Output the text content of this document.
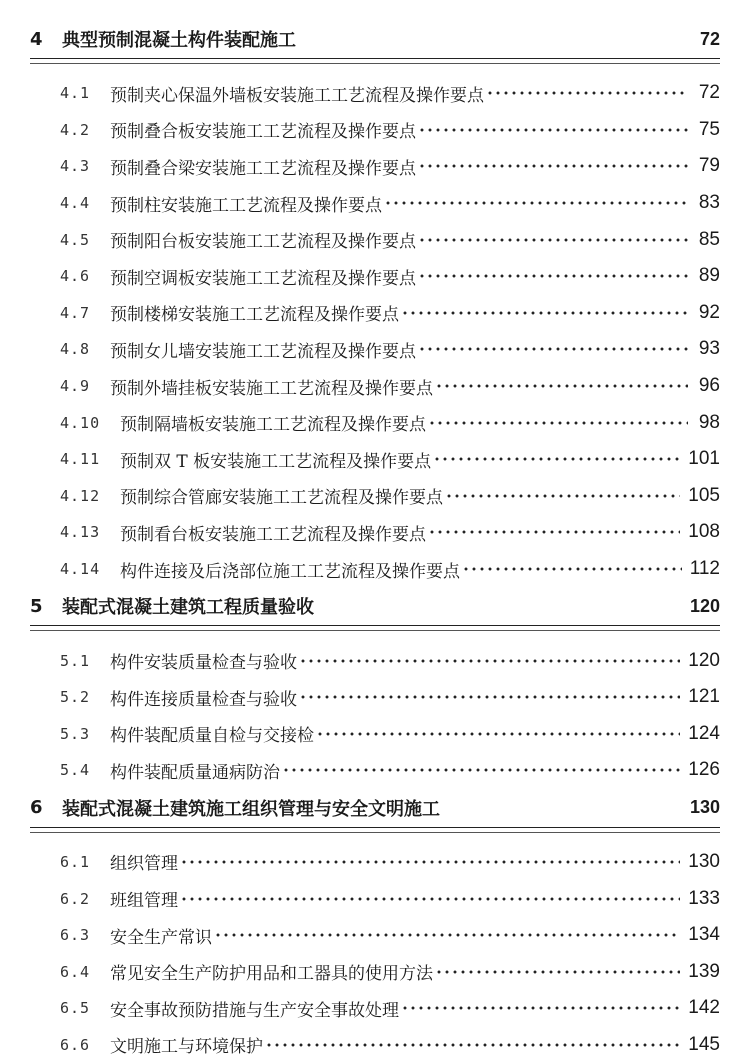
4	典型预制混凝土构件装配施工	72
4.1	预制夹心保温外墙板安装施工工艺流程及操作要点	72
4.2	预制叠合板安装施工工艺流程及操作要点	75
4.3	预制叠合梁安装施工工艺流程及操作要点	79
4.4	预制柱安装施工工艺流程及操作要点	83
4.5	预制阳台板安装施工工艺流程及操作要点	85
4.6	预制空调板安装施工工艺流程及操作要点	89
4.7	预制楼梯安装施工工艺流程及操作要点	92
4.8	预制女儿墙安装施工工艺流程及操作要点	93
4.9	预制外墙挂板安装施工工艺流程及操作要点	96
4.10	预制隔墙板安装施工工艺流程及操作要点	98
4.11	预制双 T 板安装施工工艺流程及操作要点	101
4.12	预制综合管廊安装施工工艺流程及操作要点	105
4.13	预制看台板安装施工工艺流程及操作要点	108
4.14	构件连接及后浇部位施工工艺流程及操作要点	112
5	装配式混凝土建筑工程质量验收	120
5.1	构件安装质量检查与验收	120
5.2	构件连接质量检查与验收	121
5.3	构件装配质量自检与交接检	124
5.4	构件装配质量通病防治	126
6	装配式混凝土建筑施工组织管理与安全文明施工	130
6.1	组织管理	130
6.2	班组管理	133
6.3	安全生产常识	134
6.4	常见安全生产防护用品和工器具的使用方法	139
6.5	安全事故预防措施与生产安全事故处理	142
6.6	文明施工与环境保护	145
